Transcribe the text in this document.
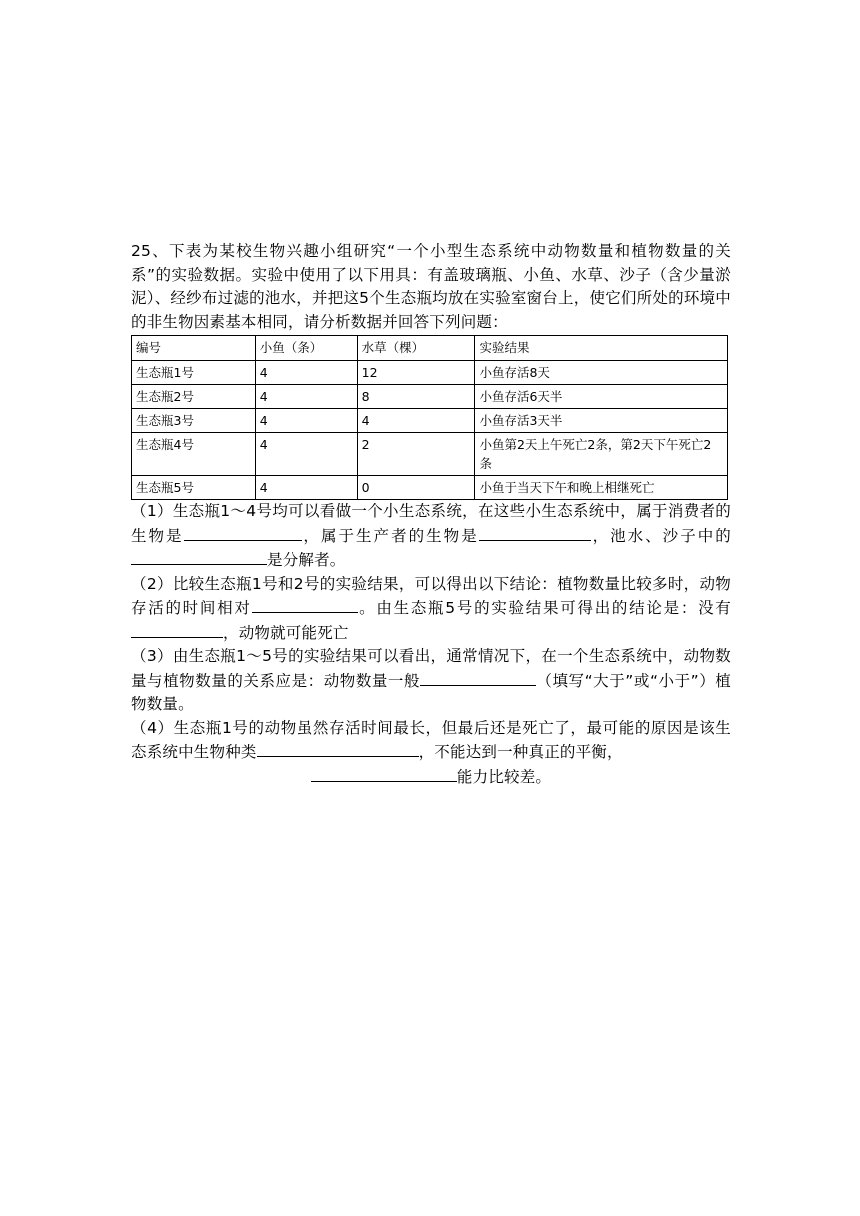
25、下表为某校生物兴趣小组研究“一个小型生态系统中动物数量和植物数量的关系”的实验数据。实验中使用了以下用具：有盖玻璃瓶、小鱼、水草、沙子（含少量淤泥）、经纱布过滤的池水，并把这5个生态瓶均放在实验室窗台上，使它们所处的环境中的非生物因素基本相同，请分析数据并回答下列问题：

编号	小鱼（条）	水草（棵）	实验结果
生态瓶1号	4	12	小鱼存活8天
生态瓶2号	4	8	小鱼存活6天半
生态瓶3号	4	4	小鱼存活3天半
生态瓶4号	4	2	小鱼第2天上午死亡2条，第2天下午死亡2条
生态瓶5号	4	0	小鱼于当天下午和晚上相继死亡

（1）生态瓶1～4号均可以看做一个小生态系统，在这些小生态系统中，属于消费者的生物是	，属于生产者的生物是	，池水、沙子中的是分解者。

（2）比较生态瓶1号和2号的实验结果，可以得出以下结论：植物数量比较多时，动物存活的时间相对	。由生态瓶5号的实验结果可得出的结论是：没有，动物就可能死亡

（3）由生态瓶1～5号的实验结果可以看出，通常情况下，在一个生态系统中，动物数量与植物数量的关系应是：动物数量一般	（填写“大于”或“小于”）植物数量。

（4）生态瓶1号的动物虽然存活时间最长，但最后还是死亡了，最可能的原因是该生态系统中生物种类	，不能达到一种真正的平衡，

能力比较差。
